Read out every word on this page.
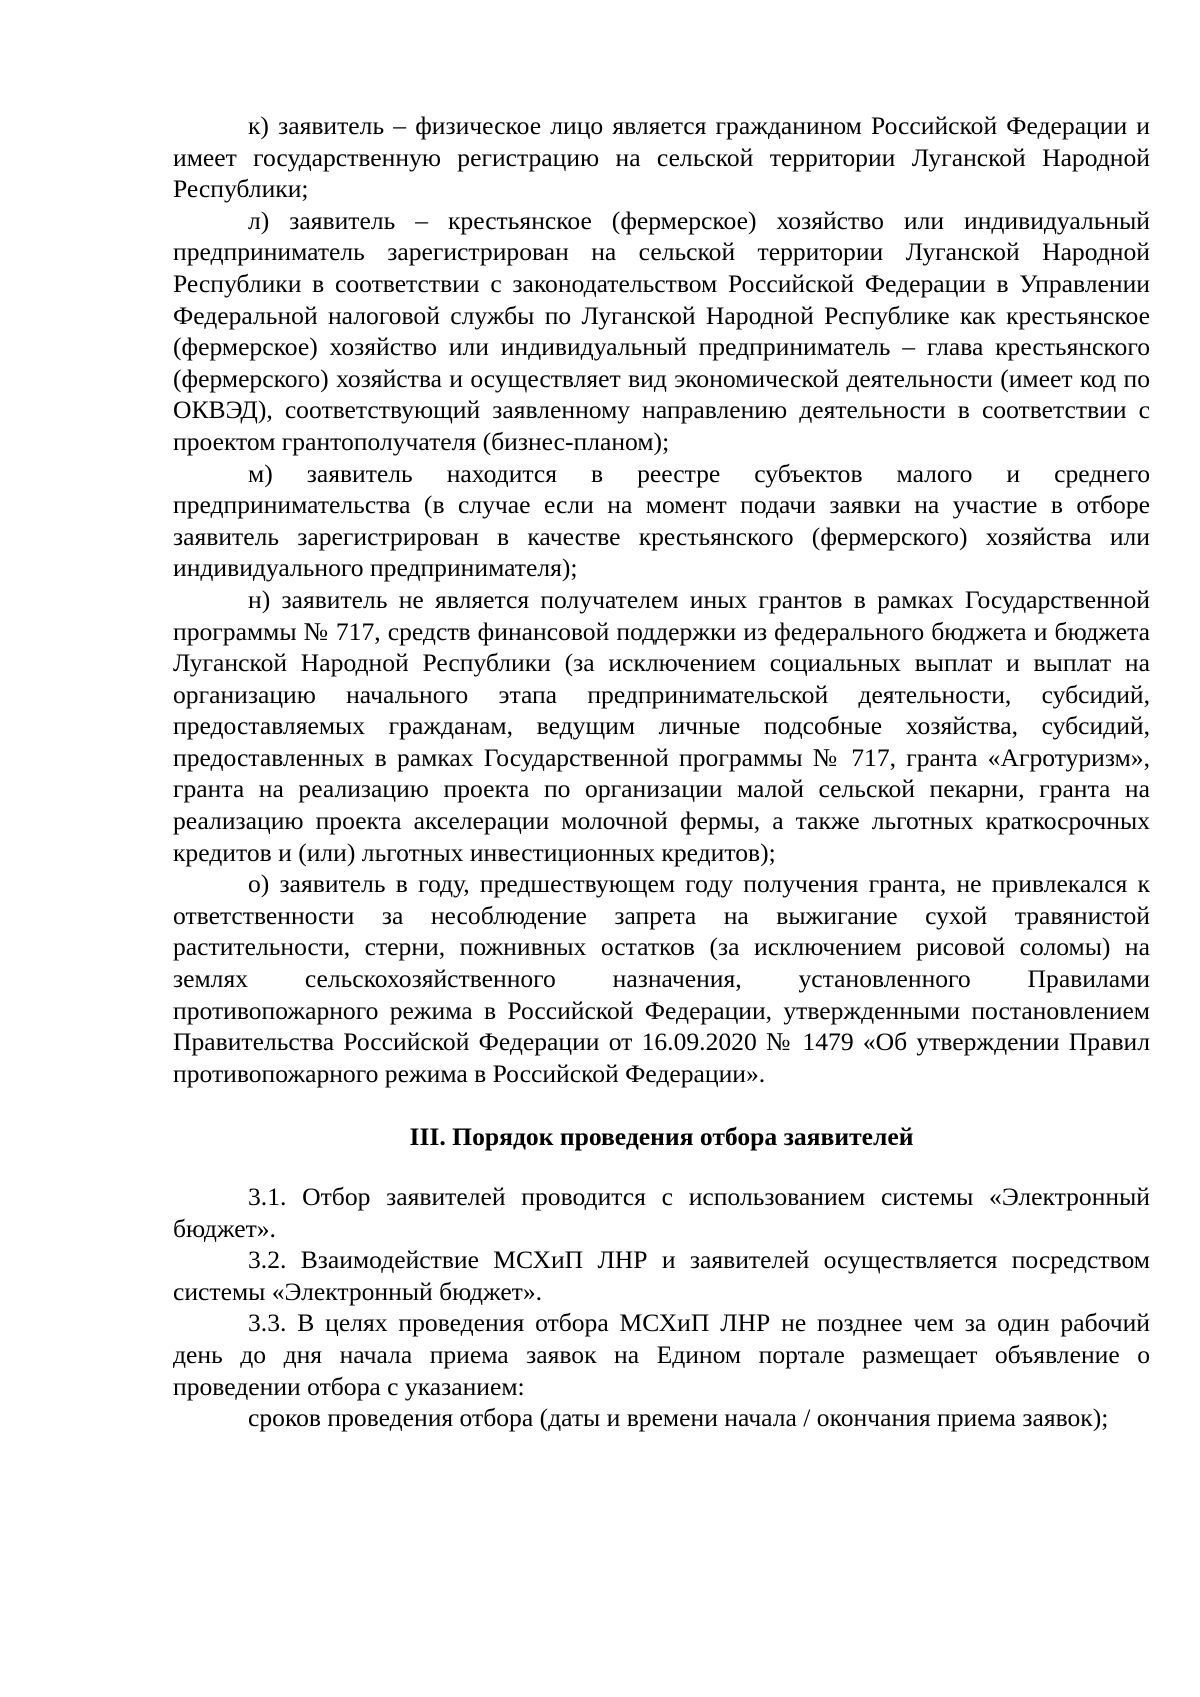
к) заявитель – физическое лицо является гражданином Российской Федерации и имеет государственную регистрацию на сельской территории Луганской Народной Республики;

л) заявитель – крестьянское (фермерское) хозяйство или индивидуальный предприниматель зарегистрирован на сельской территории Луганской Народной Республики в соответствии с законодательством Российской Федерации в Управлении Федеральной налоговой службы по Луганской Народной Республике как крестьянское (фермерское) хозяйство или индивидуальный предприниматель – глава крестьянского (фермерского) хозяйства и осуществляет вид экономической деятельности (имеет код по ОКВЭД), соответствующий заявленному направлению деятельности в соответствии с проектом грантополучателя (бизнес-планом);

м) заявитель находится в реестре субъектов малого и среднего предпринимательства (в случае если на момент подачи заявки на участие в отборе заявитель зарегистрирован в качестве крестьянского (фермерского) хозяйства или индивидуального предпринимателя);

н) заявитель не является получателем иных грантов в рамках Государственной программы № 717, средств финансовой поддержки из федерального бюджета и бюджета Луганской Народной Республики (за исключением социальных выплат и выплат на организацию начального этапа предпринимательской деятельности, субсидий, предоставляемых гражданам, ведущим личные подсобные хозяйства, субсидий, предоставленных в рамках Государственной программы № 717, гранта «Агротуризм», гранта на реализацию проекта по организации малой сельской пекарни, гранта на реализацию проекта акселерации молочной фермы, а также льготных краткосрочных кредитов и (или) льготных инвестиционных кредитов);

о) заявитель в году, предшествующем году получения гранта, не привлекался к ответственности за несоблюдение запрета на выжигание сухой травянистой растительности, стерни, пожнивных остатков (за исключением рисовой соломы) на землях сельскохозяйственного назначения, установленного Правилами противопожарного режима в Российской Федерации, утвержденными постановлением Правительства Российской Федерации от 16.09.2020 № 1479 «Об утверждении Правил противопожарного режима в Российской Федерации».

III. Порядок проведения отбора заявителей

3.1. Отбор заявителей проводится с использованием системы «Электронный бюджет».

3.2. Взаимодействие МСХиП ЛНР и заявителей осуществляется посредством системы «Электронный бюджет».

3.3. В целях проведения отбора МСХиП ЛНР не позднее чем за один рабочий день до дня начала приема заявок на Едином портале размещает объявление о проведении отбора с указанием:

сроков проведения отбора (даты и времени начала / окончания приема заявок);
